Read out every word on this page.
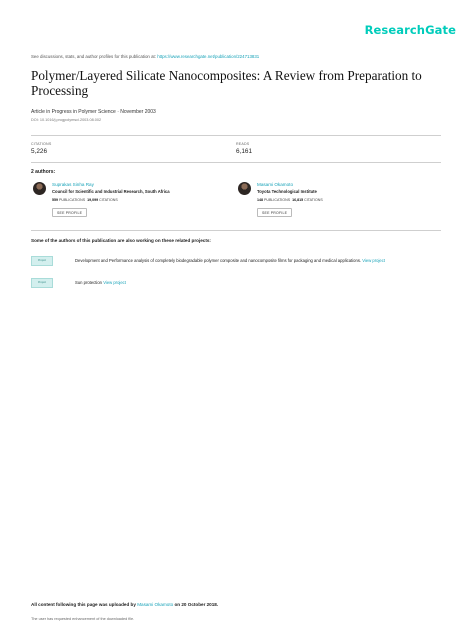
ResearchGate
See discussions, stats, and author profiles for this publication at: https://www.researchgate.net/publication/224713831
Polymer/Layered Silicate Nanocomposites: A Review from Preparation to Processing
Article in Progress in Polymer Science · November 2003
DOI: 10.1016/j.progpolymsci.2003.08.002
CITATIONS
5,226
READS
6,161
2 authors:
Suprakas Sinha Ray
Council for Scientific and Industrial Research, South Africa
559 PUBLICATIONS 19,099 CITATIONS
SEE PROFILE
Masami Okamoto
Toyota Technological Institute
148 PUBLICATIONS 16,815 CITATIONS
SEE PROFILE
Some of the authors of this publication are also working on these related projects:
Project	Development and Performance analysis of completely biodegradable polymer composite and nanocomposite films for packaging and medical applications. View project
Project	Sun protection View project
All content following this page was uploaded by Masami Okamoto on 20 October 2018.
The user has requested enhancement of the downloaded file.
